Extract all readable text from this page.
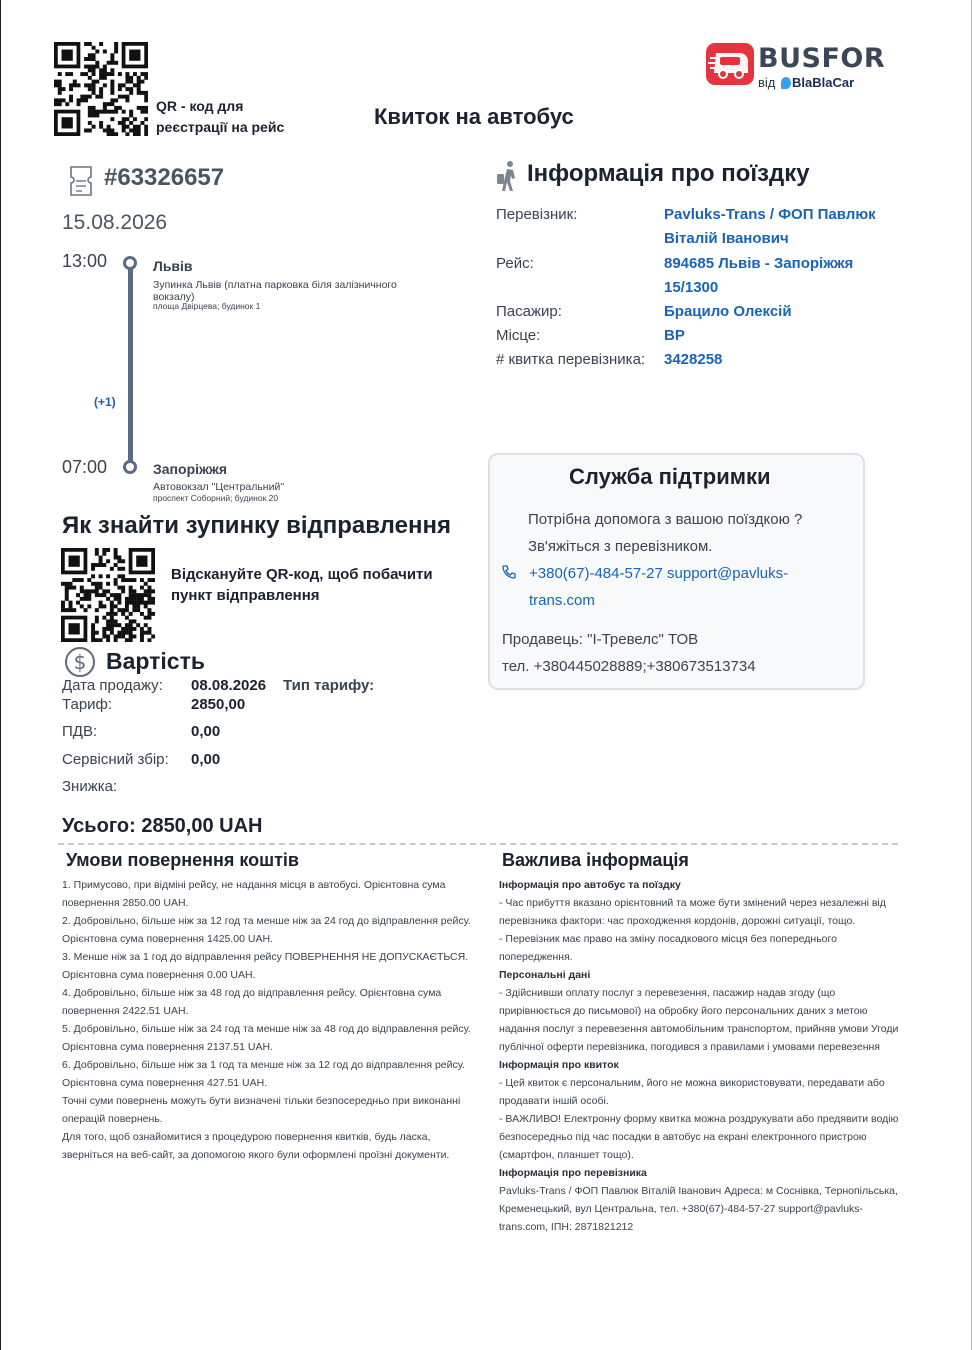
QR - код для реєстрації на рейс	Квиток на автобус
BUSFOR
від BlaBlaCar
#63326657
15.08.2026
13:00	Львів
Зупинка Львів (платна парковка біля залізничного вокзалу)
площа Двірцева; будинок 1
(+1)
07:00	Запоріжжя
Автовокзал "Центральний"
проспект Соборний; будинок 20
Інформація про поїздку
Перевізник:	Pavluks-Trans / ФОП Павлюк Віталій Іванович
Рейс:	894685 Львів - Запоріжжя 15/1300
Пасажир:	Брацило Олексій
Місце:	ВР
# квитка перевізника: 3428258
Служба підтримки
Потрібна допомога з вашою поїздкою ?
Зв'яжіться з перевізником.
+380(67)-484-57-27 support@pavluks-trans.com
Продавець: "І-Тревелс" ТОВ
тел. +380445028889;+380673513734
Як знайти зупинку відправлення
Відскануйте QR-код, щоб побачити пункт відправлення
$ Вартість
Дата продажу: 08.08.2026 Тип тарифу:
Тариф:	2850,00
ПДВ:	0,00
Сервісний збір: 0,00
Знижка:
Усього: 2850,00 UAH
Умови повернення коштів
1. Примусово, при відміні рейсу, не надання місця в автобусі. Орієнтовна сума повернення 2850.00 UAH.
2. Добровільно, більше ніж за 12 год та менше ніж за 24 год до відправлення рейсу. Орієнтовна сума повернення 1425.00 UAH.
3. Менше ніж за 1 год до відправлення рейсу ПОВЕРНЕННЯ НЕ ДОПУСКАЄТЬСЯ. Орієнтовна сума повернення 0.00 UAH.
4. Добровільно, більше ніж за 48 год до відправлення рейсу. Орієнтовна сума повернення 2422.51 UAH.
5. Добровільно, більше ніж за 24 год та менше ніж за 48 год до відправлення рейсу. Орієнтовна сума повернення 2137.51 UAH.
6. Добровільно, більше ніж за 1 год та менше ніж за 12 год до відправлення рейсу. Орієнтовна сума повернення 427.51 UAH.
Точні суми повернень можуть бути визначені тільки безпосередньо при виконанні операцій повернень.
Для того, щоб ознайомитися з процедурою повернення квитків, будь ласка, зверніться на веб-сайт, за допомогою якого були оформлені проїзні документи.
Важлива інформація
Інформація про автобус та поїздку
- Час прибуття вказано орієнтовний та може бути змінений через незалежні від перевізника фактори: час проходження кордонів, дорожні ситуації, тощо.
- Перевізник має право на зміну посадкового місця без попереднього попередження.
Персональні дані
- Здійснивши оплату послуг з перевезення, пасажир надав згоду (що прирівнюється до письмової) на обробку його персональних даних з метою надання послуг з перевезення автомобільним транспортом, прийняв умови Угоди публічної оферти перевізника, погодився з правилами і умовами перевезення
Інформація про квиток
- Цей квиток є персональним, його не можна використовувати, передавати або продавати іншій особі.
- ВАЖЛИВО! Електронну форму квитка можна роздрукувати або предявити водію безпосередньо під час посадки в автобус на екрані електронного пристрою (смартфон, планшет тощо).
Інформація про перевізника
Pavluks-Trans / ФОП Павлюк Віталій Іванович Адреса: м Соснівка, Тернопільська, Кременецький, вул Центральна, тел. +380(67)-484-57-27 support@pavluks-trans.com, ІПН: 2871821212
